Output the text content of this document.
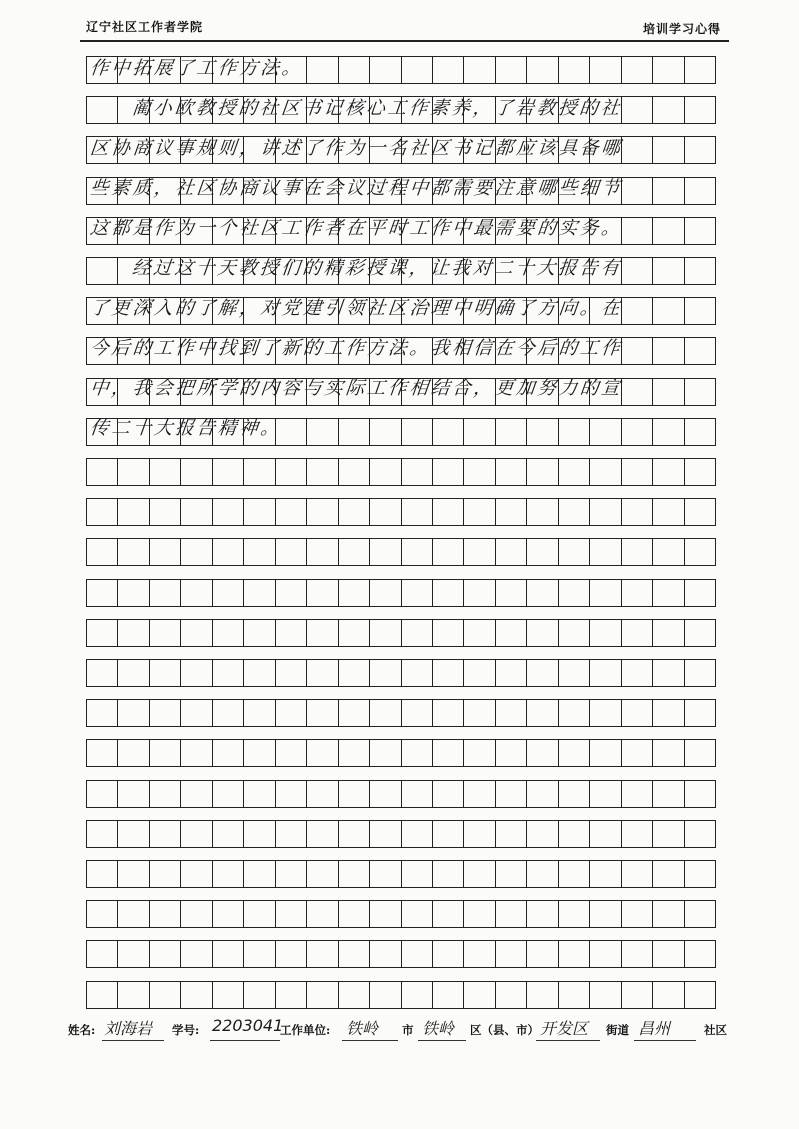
辽宁社区工作者学院	培训学习心得
作中拓展了工作方法。
蔺小欧教授的社区书记核心工作素养，了岩教授的社
区协商议事规则，讲述了作为一名社区书记都应该具备哪
些素质，社区协商议事在会议过程中都需要注意哪些细节
这都是作为一个社区工作者在平时工作中最需要的实务。
经过这十天教授们的精彩授课，让我对二十大报告有
了更深入的了解，对党建引领社区治理中明确了方向。在
今后的工作中找到了新的工作方法。我相信在今后的工作
中，我会把所学的内容与实际工作相结合，更加努力的宣
传二十大报告精神。
姓名: 刘海岩 学号: 2203041
工作单位: 铁岭 市 铁岭 区（县、市） 开发区 街道 昌州	社区
